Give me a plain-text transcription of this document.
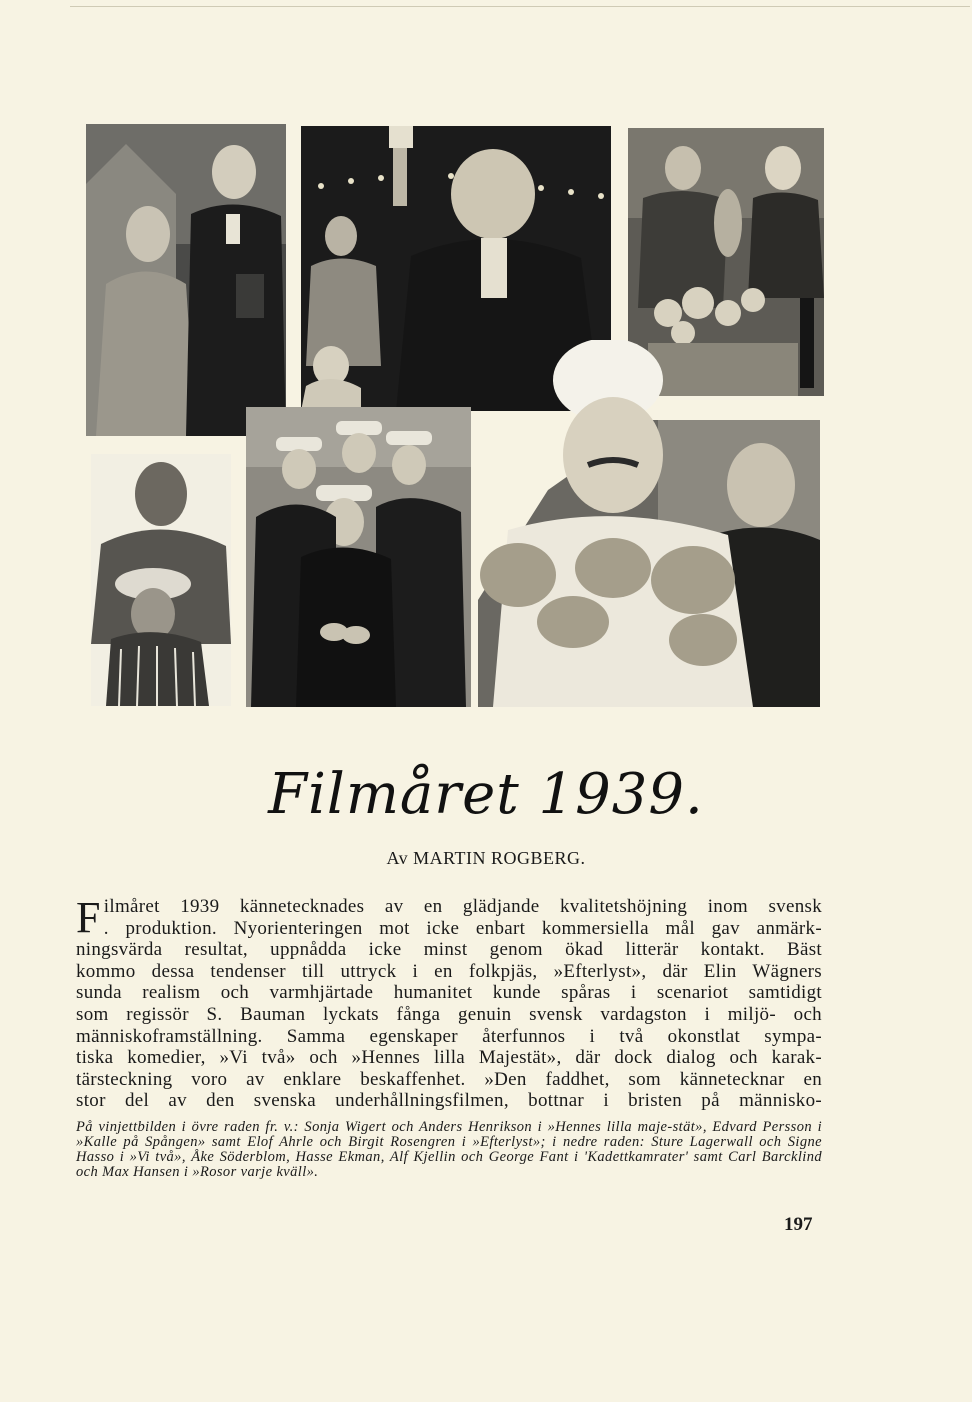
Filmåret 1939.
Av MARTIN ROGBERG.
F ilmåret 1939 kännetecknades av en glädjande kvalitetshöjning inom svensk
. produktion. Nyorienteringen mot icke enbart kommersiella mål gav anmärk-
ningsvärda resultat, uppnådda icke minst genom ökad litterär kontakt. Bäst
kommo dessa tendenser till uttryck i en folkpjäs, »Efterlyst», där Elin Wägners
sunda realism och varmhjärtade humanitet kunde spåras i scenariot samtidigt
som regissör S. Bauman lyckats fånga genuin svensk vardagston i miljö- och
människoframställning. Samma egenskaper återfunnos i två okonstlat sympa-
tiska komedier, »Vi två» och »Hennes lilla Majestät», där dock dialog och karak-
tärsteckning voro av enklare beskaffenhet. »Den faddhet, som kännetecknar en
stor del av den svenska underhållningsfilmen, bottnar i bristen på människo-
På vinjettbilden i övre raden fr. v.: Sonja Wigert och Anders Henrikson i »Hennes lilla maje-stät», Edvard Persson i »Kalle på Spången» samt Elof Ahrle och Birgit Rosengren i »Efterlyst»; i nedre raden: Sture Lagerwall och Signe Hasso i »Vi två», Åke Söderblom, Hasse Ekman, Alf Kjellin och George Fant i 'Kadettkamrater' samt Carl Barcklind och Max Hansen i »Rosor varje kväll».
197
